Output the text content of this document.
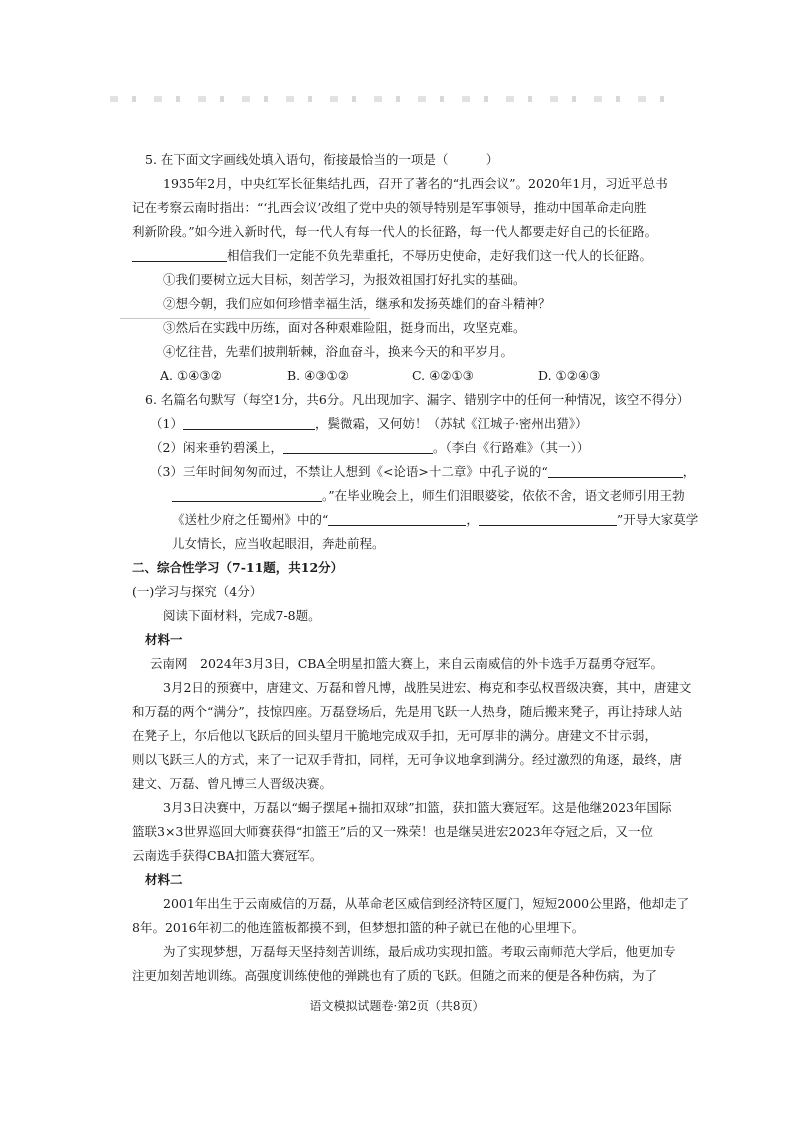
5. 在下面文字画线处填入语句，衔接最恰当的一项是（　　　）
1935年2月，中央红军长征集结扎西，召开了著名的“扎西会议”。2020年1月，习近平总书
记在考察云南时指出：“‘扎西会议’改组了党中央的领导特别是军事领导，推动中国革命走向胜
利新阶段。”如今进入新时代，每一代人有每一代人的长征路，每一代人都要走好自己的长征路。
相信我们一定能不负先辈重托，不辱历史使命，走好我们这一代人的长征路。
①我们要树立远大目标，刻苦学习，为报效祖国打好扎实的基础。
②想今朝，我们应如何珍惜幸福生活，继承和发扬英雄们的奋斗精神？
③然后在实践中历练，面对各种艰难险阻，挺身而出，攻坚克难。
④忆往昔，先辈们披荆斩棘，浴血奋斗，换来今天的和平岁月。
A. ①④③②	B. ④③①②	C. ④②①③	D. ①②④③
6. 名篇名句默写（每空1分，共6分。凡出现加字、漏字、错别字中的任何一种情况，该空不得分）
（1）	，鬓微霜，又何妨！（苏轼《江城子·密州出猎》）
（2）闲来垂钓碧溪上，	。（李白《行路难》（其一））
（3）三年时间匆匆而过，不禁让人想到《<论语>十二章》中孔子说的“	，
。”在毕业晚会上，师生们泪眼婆娑，依依不舍，语文老师引用王勃
《送杜少府之任蜀州》中的“	，	”开导大家莫学
儿女情长，应当收起眼泪，奔赴前程。
二、综合性学习（7-11题，共12分）
(一)学习与探究（4分）
阅读下面材料，完成7-8题。
材料一
云南网　2024年3月3日，CBA全明星扣篮大赛上，来自云南威信的外卡选手万磊勇夺冠军。
3月2日的预赛中，唐建文、万磊和曾凡博，战胜吴进宏、梅克和李弘权晋级决赛，其中，唐建文
和万磊的两个“满分”，技惊四座。万磊登场后，先是用飞跃一人热身，随后搬来凳子，再让持球人站
在凳子上，尔后他以飞跃后的回头望月干脆地完成双手扣，无可厚非的满分。唐建文不甘示弱，
则以飞跃三人的方式，来了一记双手背扣，同样，无可争议地拿到满分。经过激烈的角逐，最终，唐
建文、万磊、曾凡博三人晋级决赛。
3月3日决赛中，万磊以“蝎子摆尾+揣扣双球”扣篮，获扣篮大赛冠军。这是他继2023年国际
篮联3×3世界巡回大师赛获得“扣篮王”后的又一殊荣！也是继吴进宏2023年夺冠之后，又一位
云南选手获得CBA扣篮大赛冠军。
材料二
2001年出生于云南威信的万磊，从革命老区威信到经济特区厦门，短短2000公里路，他却走了
8年。2016年初二的他连篮板都摸不到，但梦想扣篮的种子就已在他的心里埋下。
为了实现梦想，万磊每天坚持刻苦训练，最后成功实现扣篮。考取云南师范大学后，他更加专
注更加刻苦地训练。高强度训练使他的弹跳也有了质的飞跃。但随之而来的便是各种伤病，为了
语文模拟试题卷·第2页（共8页）
